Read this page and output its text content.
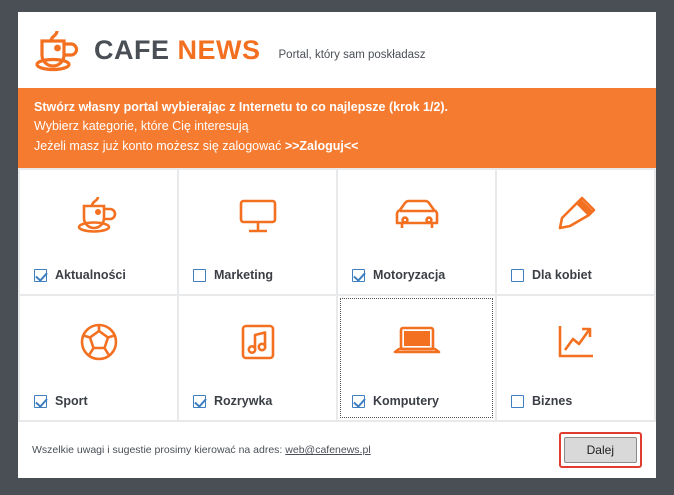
CAFE NEWS Portal, który sam poskładasz
Stwórz własny portal wybierając z Internetu to co najlepsze (krok 1/2).
Wybierz kategorie, które Cię interesują
Jeżeli masz już konto możesz się zalogować >>Zaloguj<<
Aktualności	Marketing	Motoryzacja	Dla kobiet
Sport	Rozrywka	Komputery	Biznes
Wszelkie uwagi i sugestie prosimy kierować na adres: web@cafenews.pl	Dalej
